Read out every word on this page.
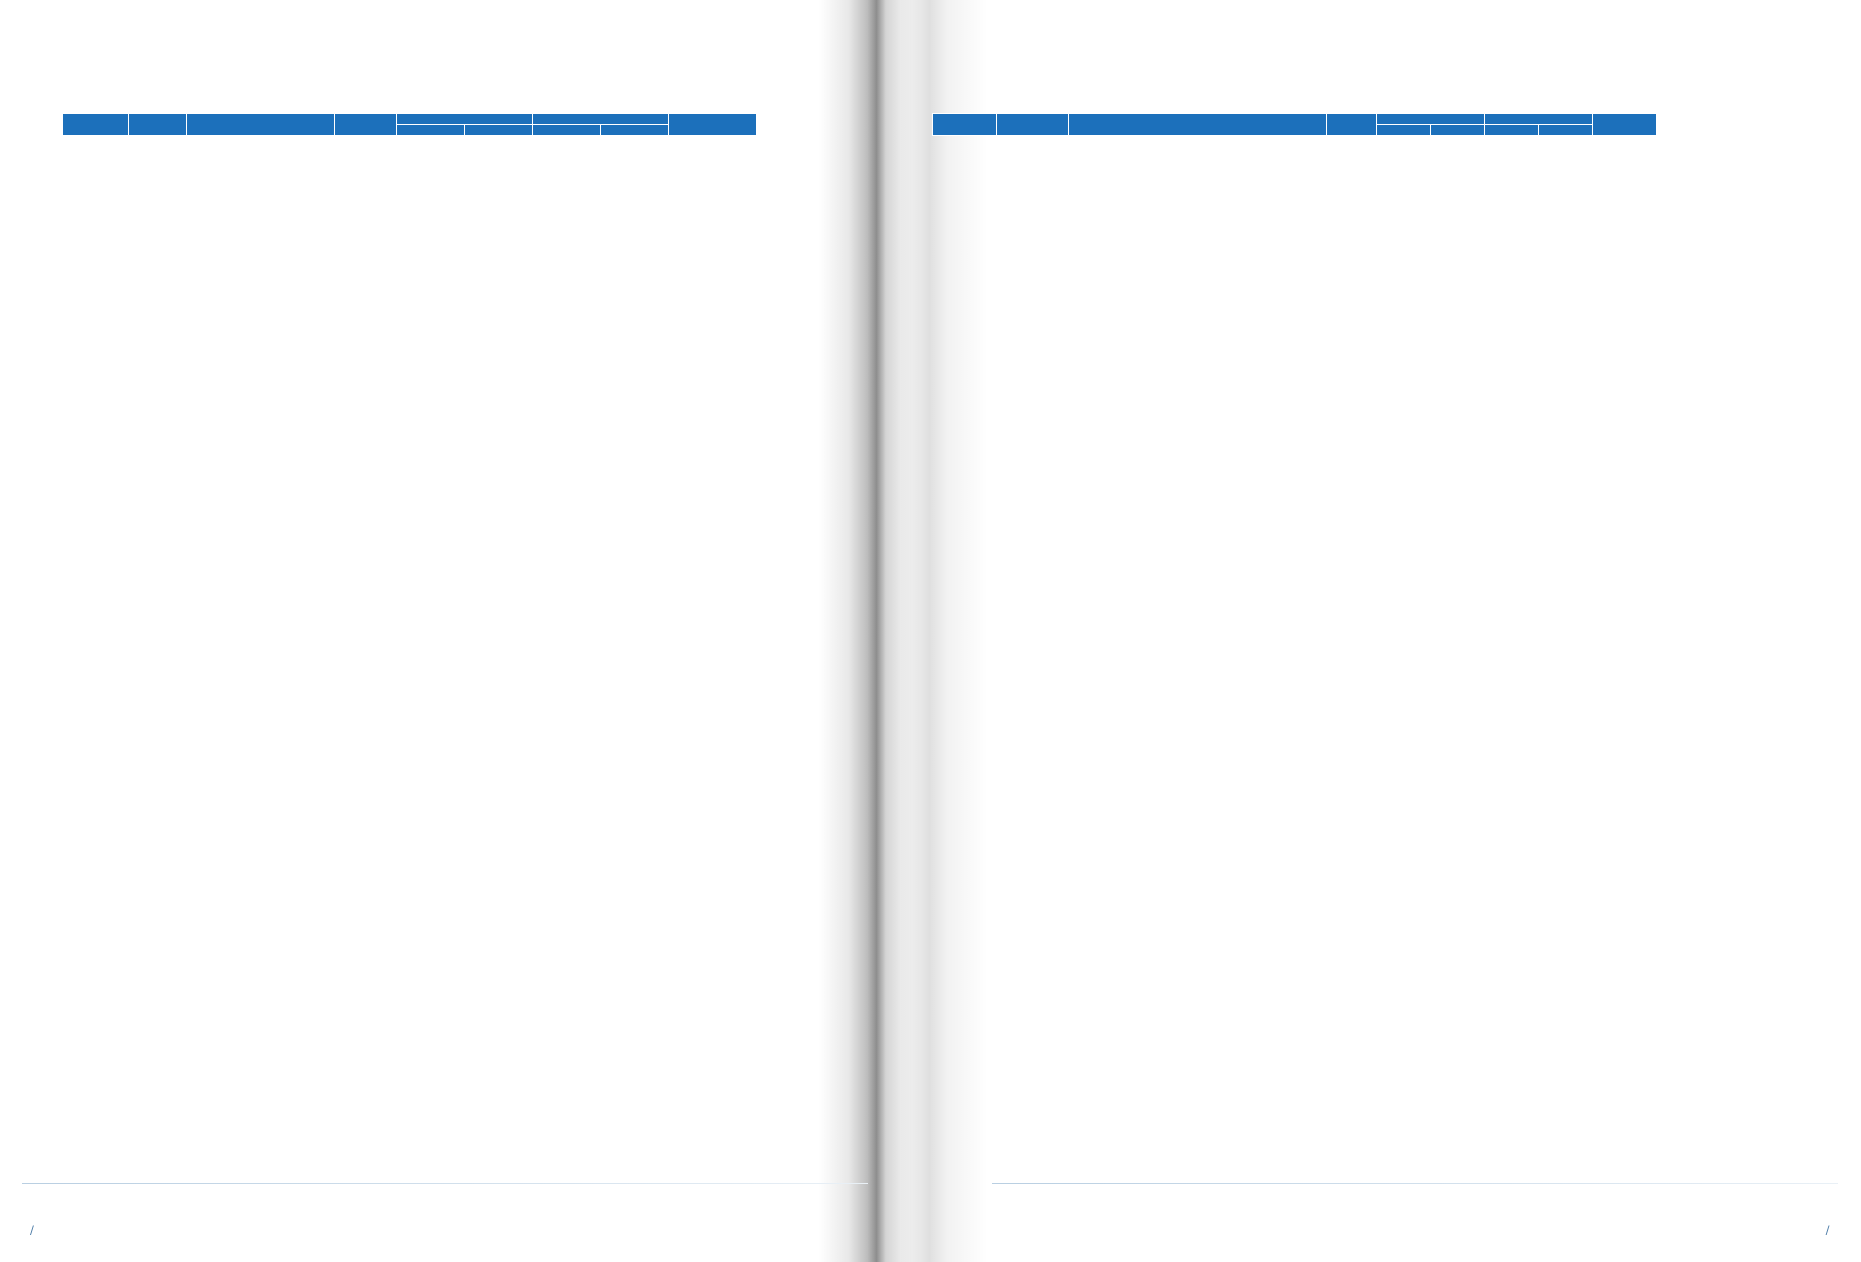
/

				/
